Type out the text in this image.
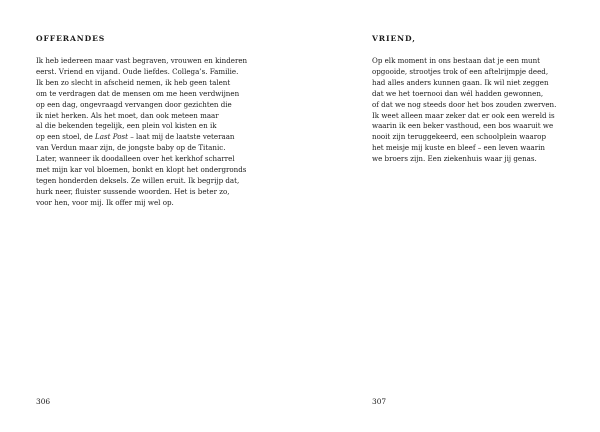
OFFERANDES
Ik heb iedereen maar vast begraven, vrouwen en kinderen
eerst. Vriend en vijand. Oude liefdes. Collega’s. Familie.
Ik ben zo slecht in afscheid nemen, ik heb geen talent
om te verdragen dat de mensen om me heen verdwijnen
op een dag, ongevraagd vervangen door gezichten die
ik niet herken. Als het moet, dan ook meteen maar
al die bekenden tegelijk, een plein vol kisten en ik
op een stoel, de Last Post – laat mij de laatste veteraan
van Verdun maar zijn, de jongste baby op de Titanic.
Later, wanneer ik doodalleen over het kerkhof scharrel
met mijn kar vol bloemen, bonkt en klopt het ondergronds
tegen honderden deksels. Ze willen eruit. Ik begrijp dat,
hurk neer, fluister sussende woorden. Het is beter zo,
voor hen, voor mij. Ik offer mij wel op.

306

VRIEND,
Op elk moment in ons bestaan dat je een munt
opgooide, strootjes trok of een aftelrijmpje deed,
had alles anders kunnen gaan. Ik wil niet zeggen
dat we het toernooi dan wél hadden gewonnen,
of dat we nog steeds door het bos zouden zwerven.
Ik weet alleen maar zeker dat er ook een wereld is
waarin ik een beker vasthoud, een bos waaruit we
nooit zijn teruggekeerd, een schoolplein waarop
het meisje mij kuste en bleef – een leven waarin
we broers zijn. Een ziekenhuis waar jij genas.

307
